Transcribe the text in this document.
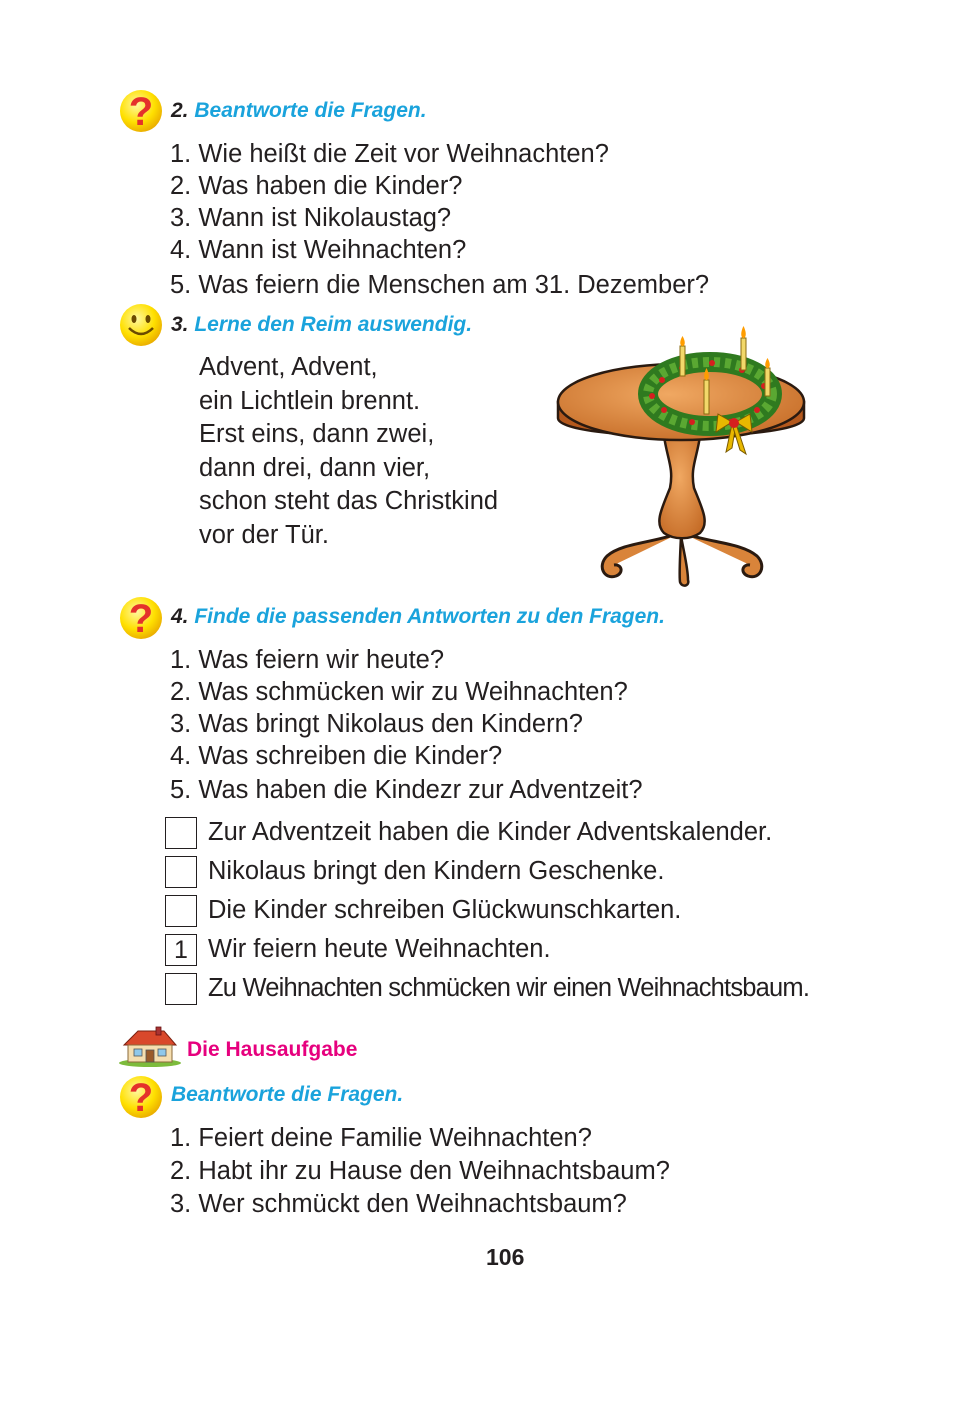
? 2. Beantworte die Fragen.
1. Wie heißt die Zeit vor Weihnachten?
2. Was haben die Kinder?
3. Wann ist Nikolaustag?
4. Wann ist Weihnachten?
5. Was feiern die Menschen am 31. Dezember?
3. Lerne den Reim auswendig.
Advent, Advent,
ein Lichtlein brennt.
Erst eins, dann zwei,
dann drei, dann vier,
schon steht das Christkind
vor der Tür.
? 4. Finde die passenden Antworten zu den Fragen.
1. Was feiern wir heute?
2. Was schmücken wir zu Weihnachten?
3. Was bringt Nikolaus den Kindern?
4. Was schreiben die Kinder?
5. Was haben die Kindezr zur Adventzeit?
Zur Adventzeit haben die Kinder Adventskalender.
Nikolaus bringt den Kindern Geschenke.
Die Kinder schreiben Glückwunschkarten.
1 Wir feiern heute Weihnachten.
Zu Weihnachten schmücken wir einen Weihnachtsbaum.
Die Hausaufgabe
? Beantworte die Fragen.
1. Feiert deine Familie Weihnachten?
2. Habt ihr zu Hause den Weihnachtsbaum?
3. Wer schmückt den Weihnachtsbaum?
106
